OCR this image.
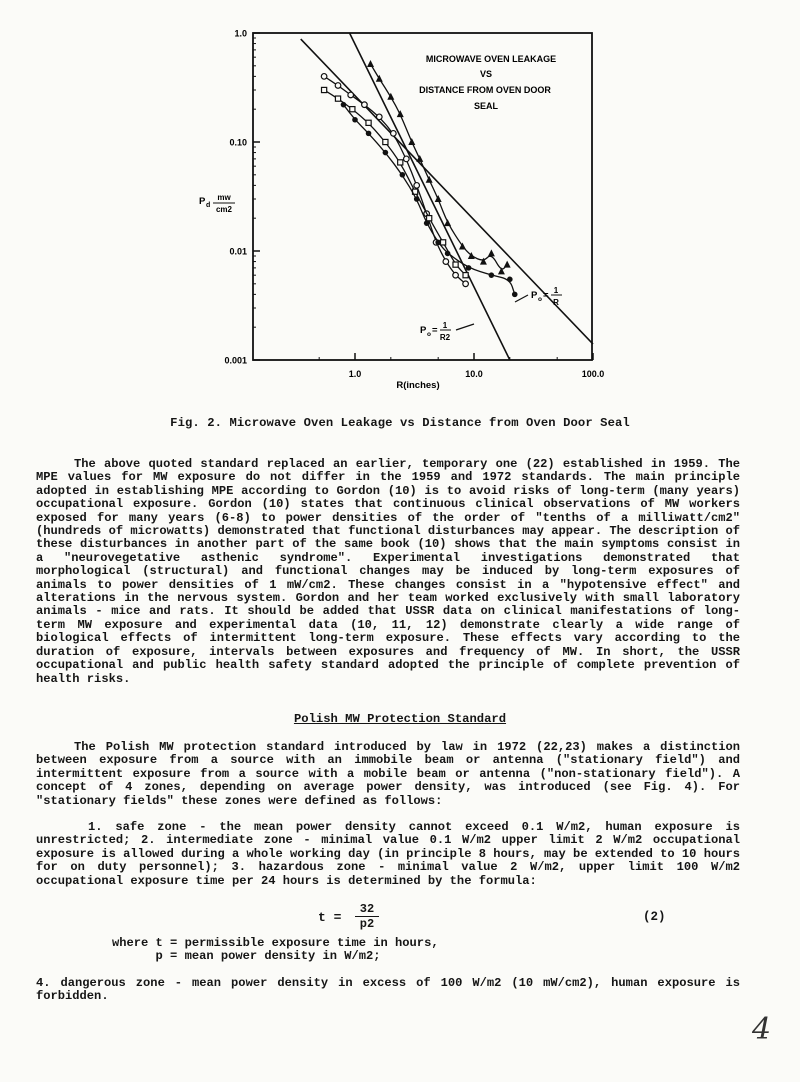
1.0
0.10
0.01
0.001
1.0	10.0	100.0
MICROWAVE OVEN LEAKAGE
VS
DISTANCE FROM OVEN DOOR
SEAL
P o = 1
R
P o = 1
R2
R(inches)
P d
mw
cm2
Fig. 2. Microwave Oven Leakage vs Distance from Oven Door Seal
The above quoted standard replaced an earlier, temporary one (22) established in 1959. The MPE values for MW exposure do not differ in the 1959 and 1972 standards. The main principle adopted in establishing MPE according to Gordon (10) is to avoid risks of long-term (many years) occupational exposure. Gordon (10) states that continuous clinical observations of MW workers exposed for many years (6-8) to power densities of the order of "tenths of a milliwatt/cm2" (hundreds of microwatts) demonstrated that functional disturbances may appear. The description of these disturbances in another part of the same book (10) shows that the main symptoms consist in a "neurovegetative asthenic syndrome". Experimental investigations demonstrated that morphological (structural) and functional changes may be induced by long-term exposures of animals to power densities of 1 mW/cm2. These changes consist in a "hypotensive effect" and alterations in the nervous system. Gordon and her team worked exclusively with small laboratory animals - mice and rats. It should be added that USSR data on clinical manifestations of long-term MW exposure and experimental data (10, 11, 12) demonstrate clearly a wide range of biological effects of intermittent long-term exposure. These effects vary according to the duration of exposure, intervals between exposures and frequency of MW. In short, the USSR occupational and public health safety standard adopted the principle of complete prevention of health risks.
Polish MW Protection Standard
The Polish MW protection standard introduced by law in 1972 (22,23) makes a distinction between exposure from a source with an immobile beam or antenna ("stationary field") and intermittent exposure from a source with a mobile beam or antenna ("non-stationary field"). A concept of 4 zones, depending on average power density, was introduced (see Fig. 4). For "stationary fields" these zones were defined as follows:
1. safe zone - the mean power density cannot exceed 0.1 W/m2, human exposure is unrestricted; 2. intermediate zone - minimal value 0.1 W/m2 upper limit 2 W/m2 occupational exposure is allowed during a whole working day (in principle 8 hours, may be extended to 10 hours for on duty personnel); 3. hazardous zone - minimal value 2 W/m2, upper limit 100 W/m2 occupational exposure time per 24 hours is determined by the formula:
$t = \frac{32}{p2}$	(2)
where t = permissible exposure time in hours,
p = mean power density in W/m2;
4. dangerous zone - mean power density in excess of 100 W/m2 (10 mW/cm2), human exposure is forbidden.
4
